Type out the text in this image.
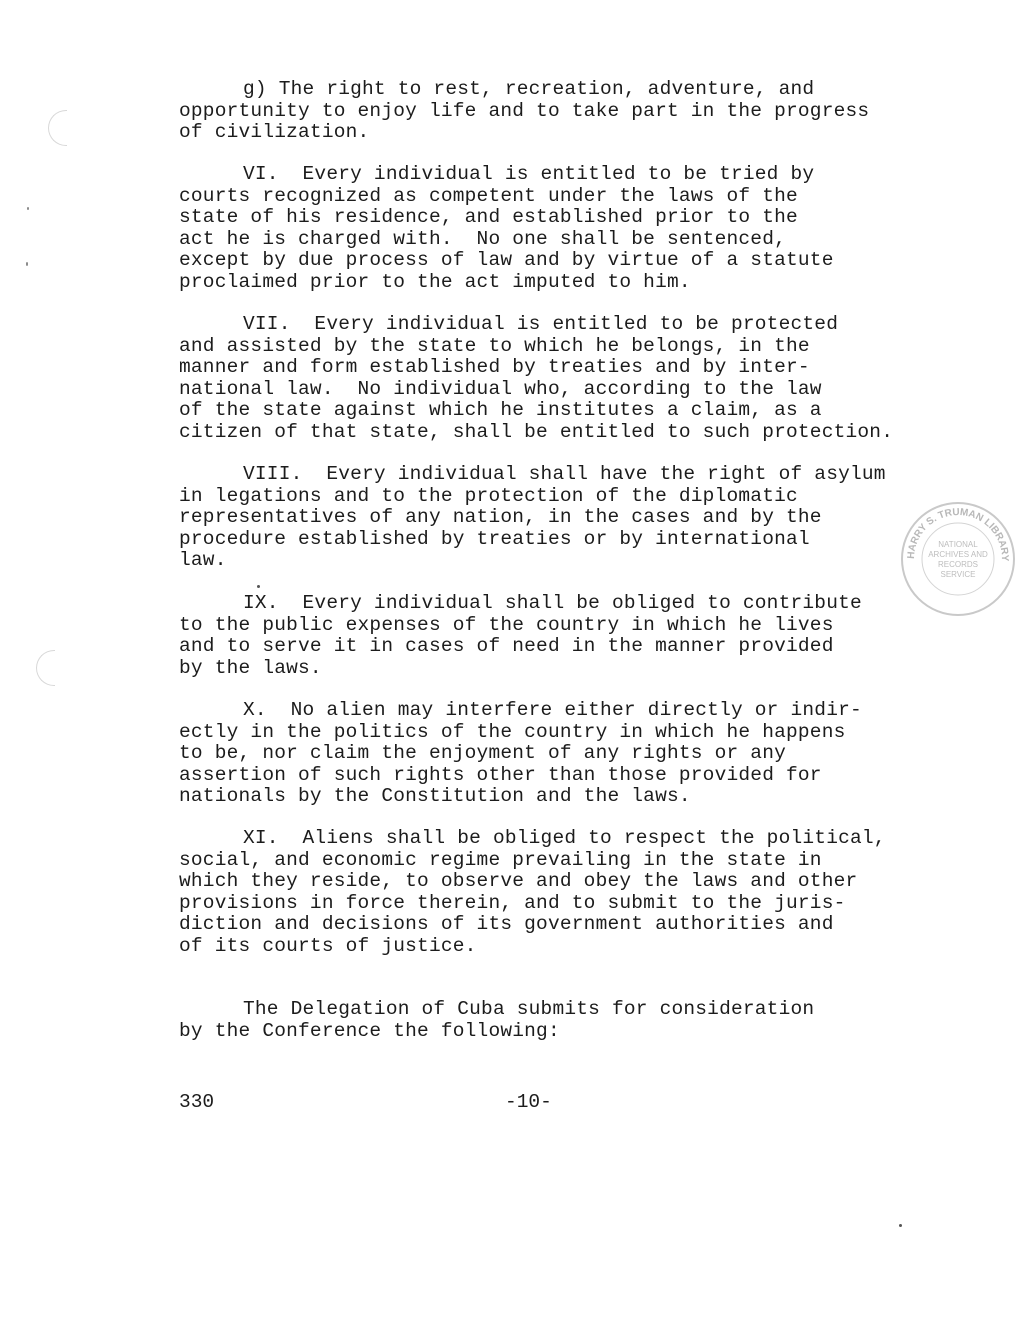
g) The right to rest, recreation, adventure, and
opportunity to enjoy life and to take part in the progress
of civilization.
VI.  Every individual is entitled to be tried by
courts recognized as competent under the laws of the
state of his residence, and established prior to the
act he is charged with.  No one shall be sentenced,
except by due process of law and by virtue of a statute
proclaimed prior to the act imputed to him.
VII.  Every individual is entitled to be protected
and assisted by the state to which he belongs, in the
manner and form established by treaties and by inter-
national law.  No individual who, according to the law
of the state against which he institutes a claim, as a
citizen of that state, shall be entitled to such protection.
VIII.  Every individual shall have the right of asylum
in legations and to the protection of the diplomatic
representatives of any nation, in the cases and by the
procedure established by treaties or by international
law.
IX.  Every individual shall be obliged to contribute
to the public expenses of the country in which he lives
and to serve it in cases of need in the manner provided
by the laws.
X.  No alien may interfere either directly or indir-
ectly in the politics of the country in which he happens
to be, nor claim the enjoyment of any rights or any
assertion of such rights other than those provided for
nationals by the Constitution and the laws.
XI.  Aliens shall be obliged to respect the political,
social, and economic regime prevailing in the state in
which they reside, to observe and obey the laws and other
provisions in force therein, and to submit to the juris-
diction and decisions of its government authorities and
of its courts of justice.
The Delegation of Cuba submits for consideration
by the Conference the following:
330	-10-
HARRY S. TRUMAN LIBRARY
NATIONAL
ARCHIVES AND
RECORDS
SERVICE
